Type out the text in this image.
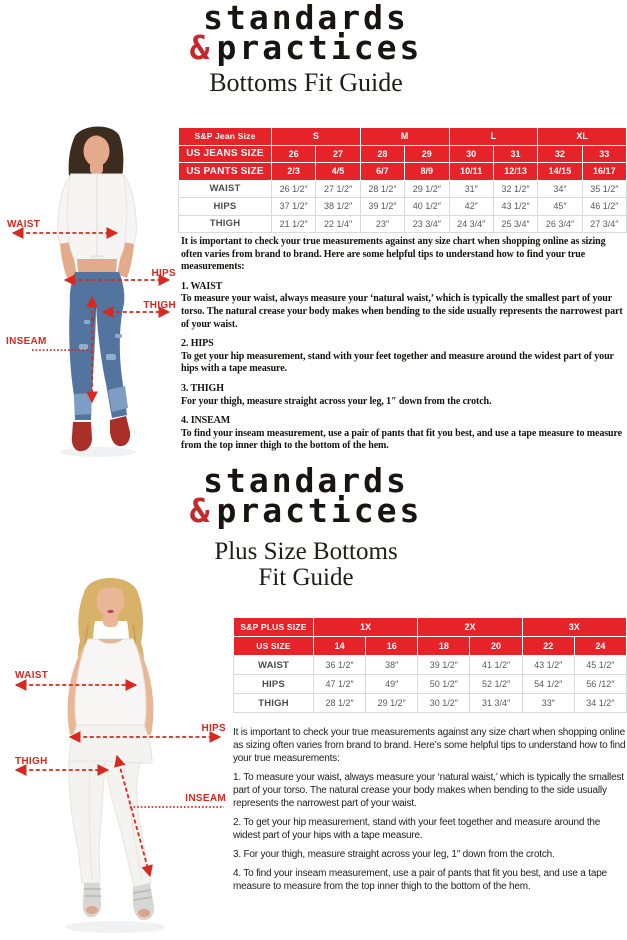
standards
& practices
Bottoms Fit Guide
WAIST
HIPS
THIGH
INSEAM
S&P Jean Size	S		M		L		XL	
US JEANS SIZE	26	27	28	29	30	31	32	33
US PANTS SIZE	2/3	4/5	6/7	8/9	10/11	12/13	14/15	16/17
WAIST	26 1/2″	27 1/2″	28 1/2″	29 1/2″	31″	32 1/2″	34″	35 1/2″
HIPS	37 1/2″	38 1/2″	39 1/2″	40 1/2″	42″	43 1/2″	45″	46 1/2″
THIGH	21 1/2″	22 1/4″	23″	23 3/4″	24 3/4″	25 3/4″	26 3/4″	27 3/4″

It is important to check your true measurements against any size chart when shopping online as sizing often varies from brand to brand. Here are some helpful tips to understand how to find your true measurements:

1. WAIST

To measure your waist, always measure your ‘natural waist,’ which is typically the smallest part of your torso. The natural crease your body makes when bending to the side usually represents the narrowest part of your waist.

2. HIPS

To get your hip measurement, stand with your feet together and measure around the widest part of your hips with a tape measure.

3. THIGH

For your thigh, measure straight across your leg, 1″ down from the crotch.

4. INSEAM

To find your inseam measurement, use a pair of pants that fit you best, and use a tape measure to measure from the top inner thigh to the bottom of the hem.

standards
& practices
Plus Size Bottoms
Fit Guide
WAIST
HIPS
THIGH
INSEAM
S&P PLUS SIZE	1X		2X		3X	
US SIZE	14	16	18	20	22	24
WAIST	36 1/2″	38″	39 1/2″	41 1/2″	43 1/2″	45 1/2″
HIPS	47 1/2″	49″	50 1/2″	52 1/2″	54 1/2″	56 /12″
THIGH	28 1/2″	29 1/2″	30 1/2″	31 3/4″	33″	34 1/2″

It is important to check your true measurements against any size chart when shopping online as sizing often varies from brand to brand. Here’s some helpful tips to understand how to find your true measurements:

1. To measure your waist, always measure your ‘natural waist,’ which is typically the smallest part of your torso. The natural crease your body makes when bending to the side usually represents the narrowest part of your waist.

2. To get your hip measurement, stand with your feet together and measure around the widest part of your hips with a tape measure.

3. For your thigh, measure straight across your leg, 1″ down from the crotch.

4. To find your inseam measurement, use a pair of pants that fit you best, and use a tape measure to measure from the top inner thigh to the bottom of the hem.
